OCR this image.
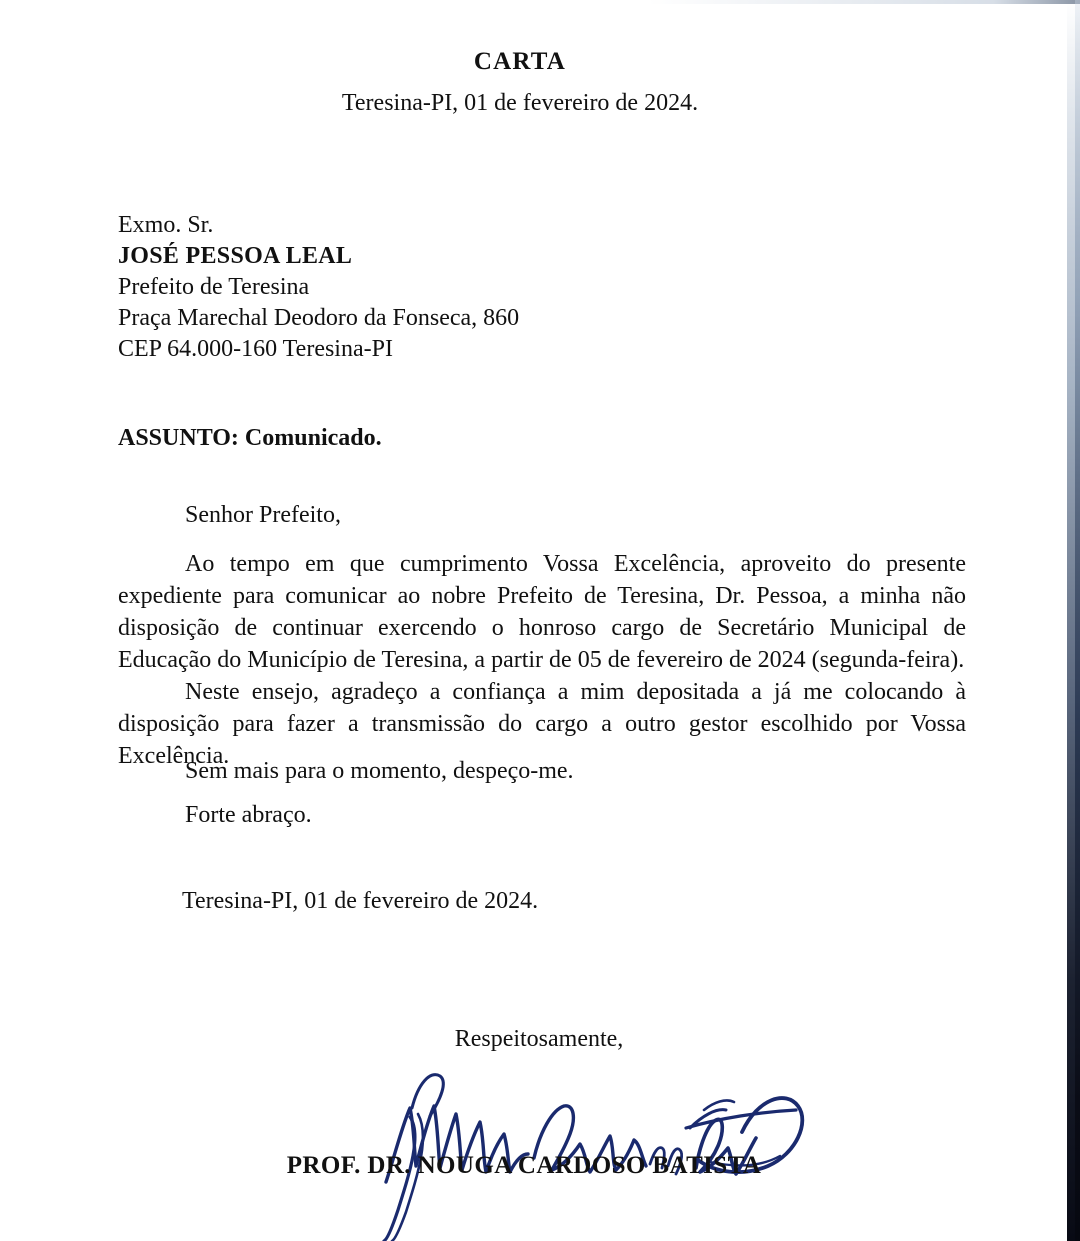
CARTA
Teresina-PI, 01 de fevereiro de 2024.
Exmo. Sr.
JOSÉ PESSOA LEAL
Prefeito de Teresina
Praça Marechal Deodoro da Fonseca, 860
CEP 64.000-160 Teresina-PI
ASSUNTO: Comunicado.
Senhor Prefeito,
Ao tempo em que cumprimento Vossa Excelência, aproveito do presente expediente para comunicar ao nobre Prefeito de Teresina, Dr. Pessoa, a minha não disposição de continuar exercendo o honroso cargo de Secretário Municipal de Educação do Município de Teresina, a partir de 05 de fevereiro de 2024 (segunda-feira).
Neste ensejo, agradeço a confiança a mim depositada a já me colocando à disposição para fazer a transmissão do cargo a outro gestor escolhido por Vossa Excelência.
Sem mais para o momento, despeço-me.
Forte abraço.
Teresina-PI, 01 de fevereiro de 2024.
Respeitosamente,
PROF. DR. NOUGA CARDOSO BATISTA
